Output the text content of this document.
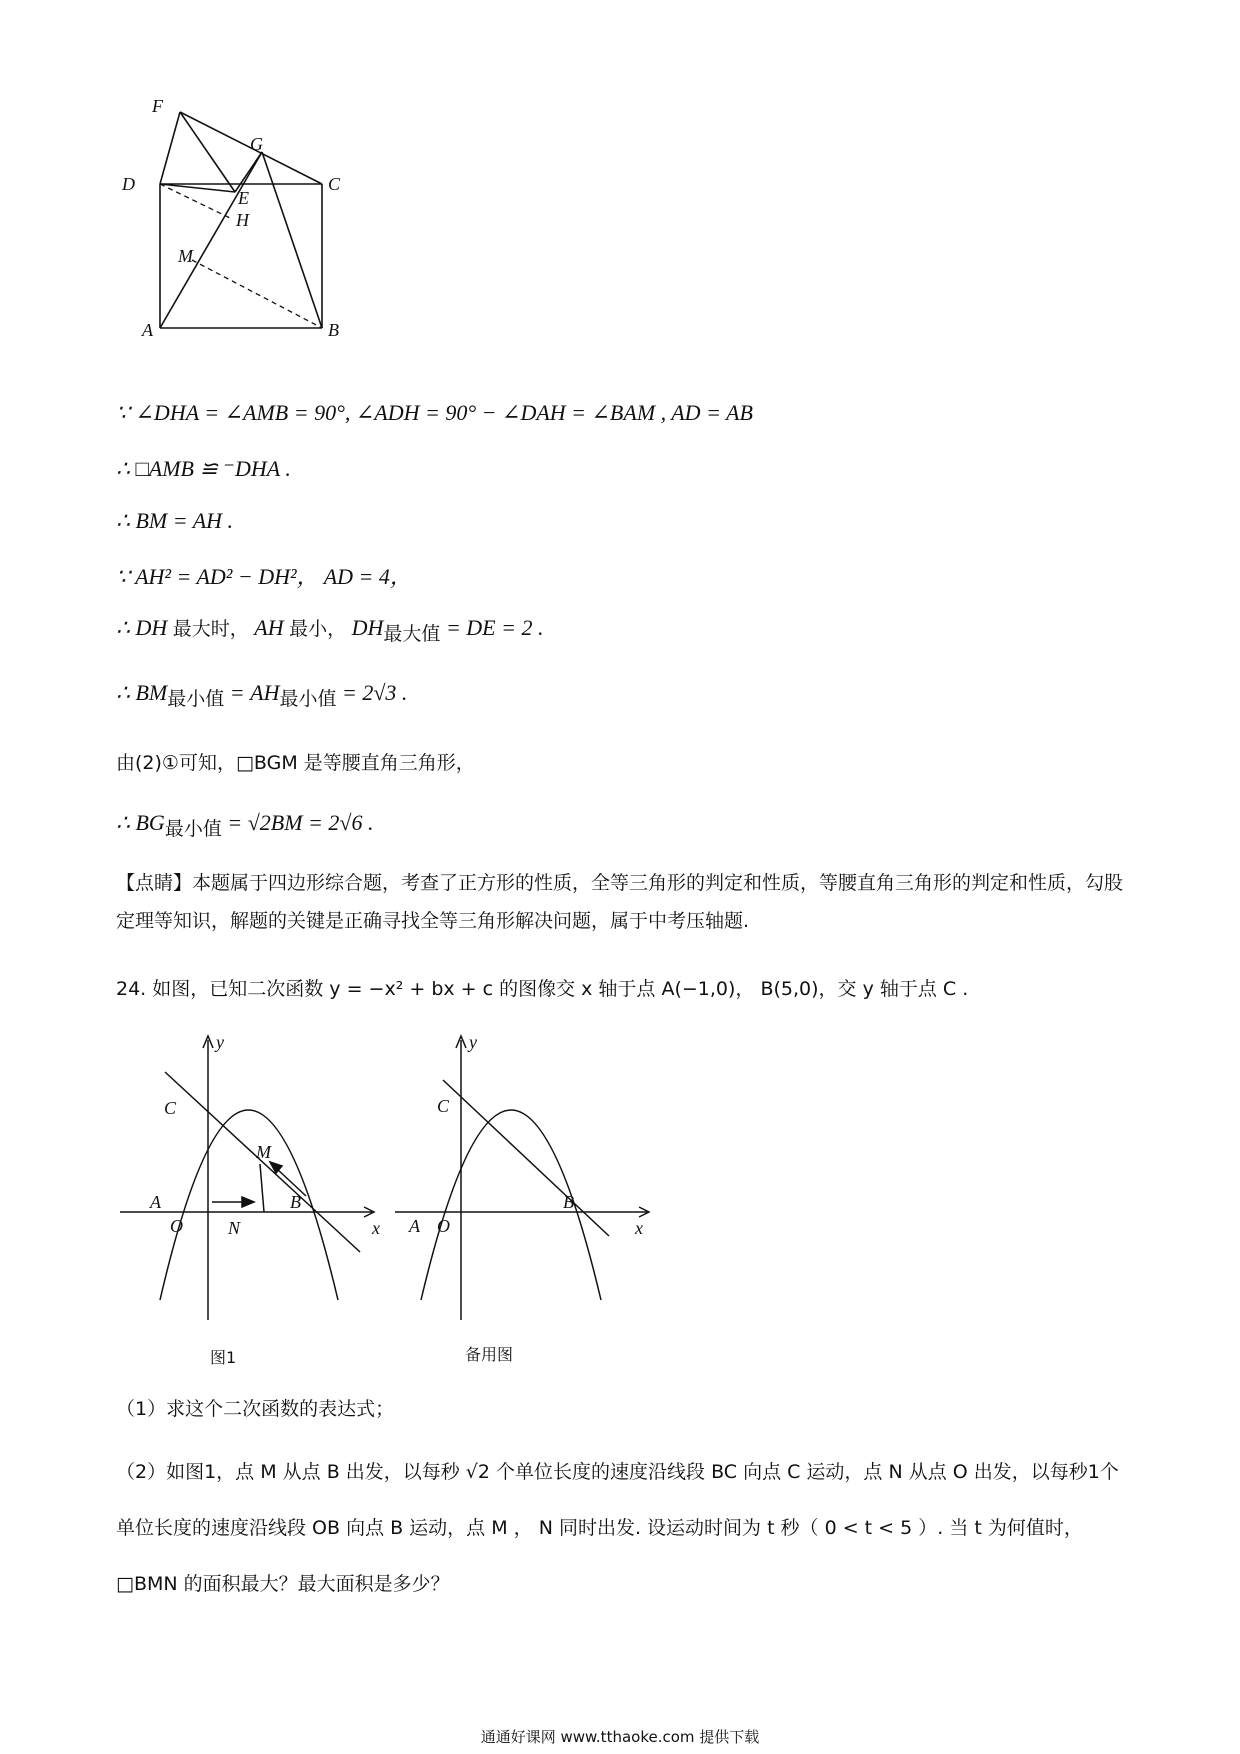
F
G
D	C
E
H
M
A	B
∵ ∠DHA = ∠AMB = 90°, ∠ADH = 90° − ∠DAH = ∠BAM , AD = AB
∴ □AMB ≌ ⁻DHA .
∴ BM = AH .
∵ AH² = AD² − DH²， AD = 4，
∴ DH 最大时， AH 最小， $DH_{最大值}$ = DE = 2 .
∴ $BM_{最小值} = AH_{最小值} = 2√3$ .
由(2)①可知，□BGM 是等腰直角三角形，
∴ $BG_{最小值} = √2BM = 2√6$ .
【点睛】本题属于四边形综合题，考查了正方形的性质，全等三角形的判定和性质，等腰直角三角形的判定和性质，勾股定理等知识，解题的关键是正确寻找全等三角形解决问题，属于中考压轴题.
24. 如图，已知二次函数 y = −x² + bx + c 的图像交 x 轴于点 A(−1,0)， B(5,0)，交 y 轴于点 C .
y
x
C
M
A
O	N
B
图1
y
x
C
A O
B
备用图
（1）求这个二次函数的表达式；
（2）如图1，点 M 从点 B 出发，以每秒 √2 个单位长度的速度沿线段 BC 向点 C 运动，点 N 从点 O 出发，以每秒1个单位长度的速度沿线段 OB 向点 B 运动，点 M ， N 同时出发. 设运动时间为 t 秒（ 0 < t < 5 ）. 当 t 为何值时，□BMN 的面积最大？最大面积是多少？
通通好课网 www.tthaoke.com 提供下载
